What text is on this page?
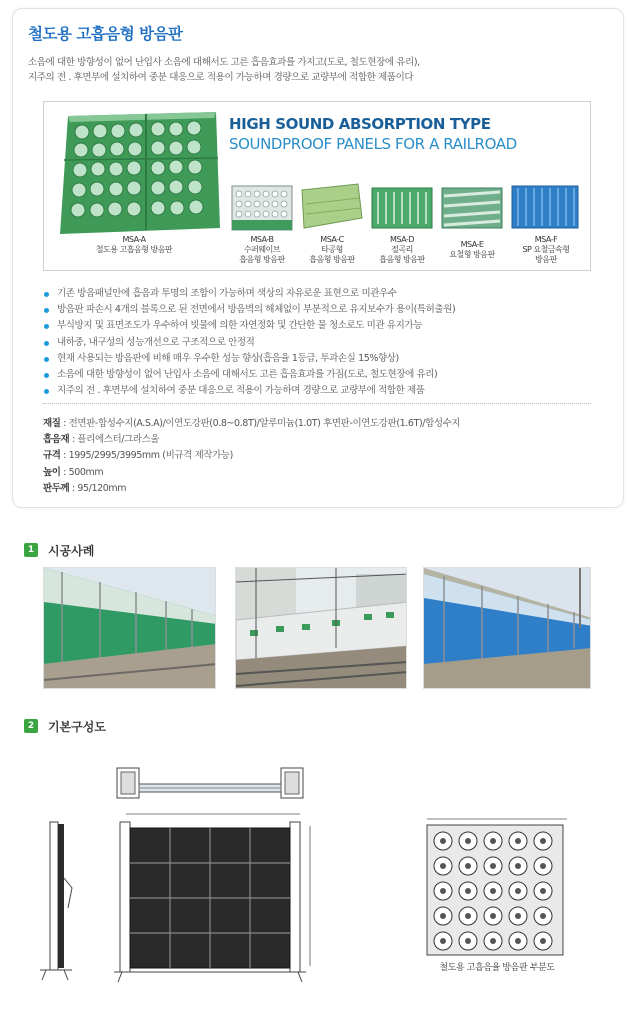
철도용 고흡음형 방음판

소음에 대한 방향성이 없어 난입사 소음에 대해서도 고른 흡음효과를 가지고(도로, 철도현장에 유리),

지주의 전 . 후면부에 설치하여 중분 대응으로 적용이 가능하며 경량으로 교량부에 적합한 제품이다

HIGH SOUND ABSORPTION TYPE
SOUNDPROOF PANELS FOR A RAILROAD
MSA-A
철도용 고흡음형 방음판
MSA-B
수퍼웨이브
흡음형 방음판
MSA-C
타공형
흡음형 방음판
MSA-D
절곡리
흡음형 방음판
MSA-E
요철형 방음판
MSA-F
SP 요철금속형
방음판
기존 방음패널안에 흡음과 투명의 조합이 가능하며 색상의 자유로운 표현으로 미관우수
방음판 파손시 4개의 블록으로 된 전면에서 방음벽의 해체없이 부분적으로 유지보수가 용이(특허출원)
부식방지 및 표면조도가 우수하여 빗물에 의한 자연정화 및 간단한 물 청소로도 미관 유지가능
내하중, 내구성의 성능개선으로 구조적으로 안정적
현재 사용되는 방음판에 비해 매우 우수한 성능 향상(흡음율 1등급, 투과손실 15%향상)
소음에 대한 방향성이 없어 난입사 소음에 대해서도 고른 흡음효과를 가짐(도로, 철도현장에 유리)
지주의 전 . 후면부에 설치하여 중분 대응으로 적용이 가능하며 경량으로 교량부에 적합한 제품
재질 : 전면판-합성수지(A.S.A)/이연도강판(0.8~0.8T)/알루미늄(1.0T) 후면판-이연도강판(1.6T)/합성수지
흡음재 : 플리에스터/그라스울
규격 : 1995/2995/3995mm (비규격 제작가능)
높이 : 500mm
판두께 : 95/120mm
1	시공사례
2	기본구성도
철도용 고흡음율 방음판 부분도
